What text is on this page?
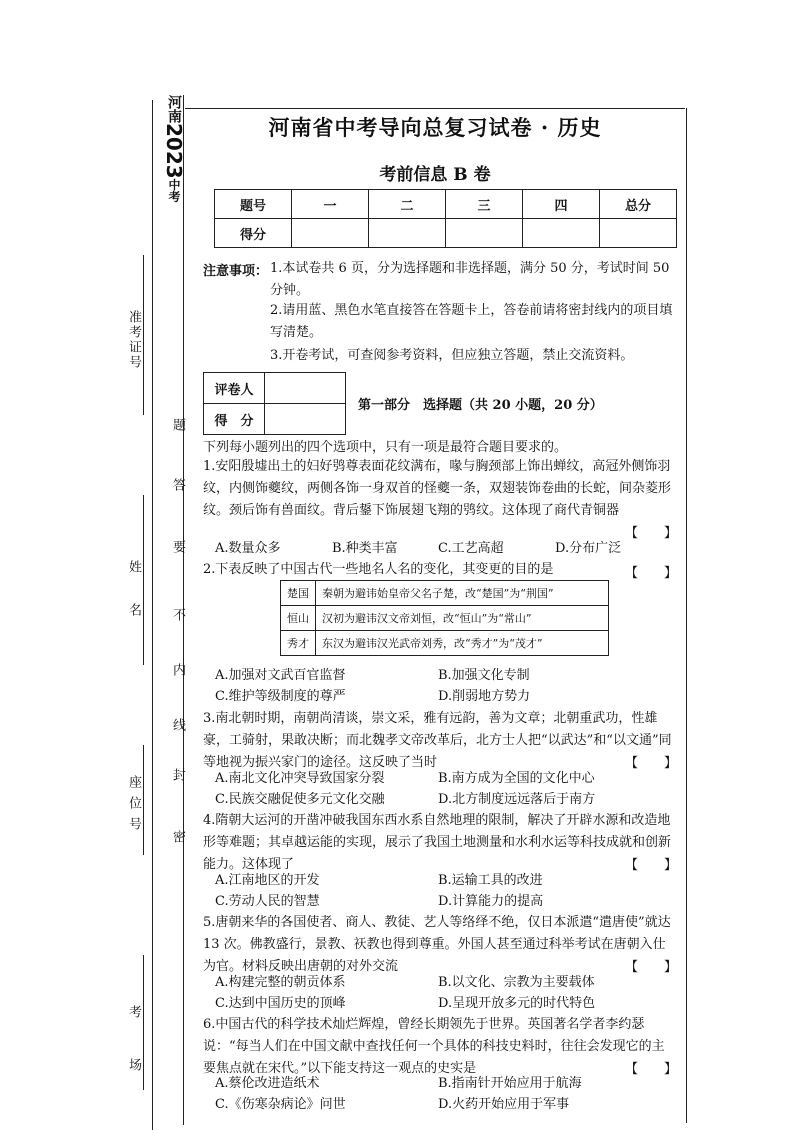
河南2023中考
准考证号
姓名
座位号
考场
密
封
线
内
不
要
答
题
河南省中考导向总复习试卷 · 历史
考前信息 B 卷
题号	一	二	三	四	总分
得分					
注意事项： 1.本试卷共 6 页，分为选择题和非选择题，满分 50 分，考试时间 50 分钟。
2.请用蓝、黑色水笔直接答在答题卡上，答卷前请将密封线内的项目填写清楚。
3.开卷考试，可查阅参考资料，但应独立答题，禁止交流资料。
评卷人	
得　分	
第一部分　选择题（共 20 小题，20 分）
下列每小题列出的四个选项中，只有一项是最符合题目要求的。
1.安阳殷墟出土的妇好鸮尊表面花纹满布，喙与胸颈部上饰出蝉纹，高冠外侧饰羽纹，内侧饰夔纹，两侧各饰一身双首的怪夔一条，双翅装饰卷曲的长蛇，间杂菱形纹。颈后饰有兽面纹。背后鋬下饰展翅飞翔的鸮纹。这体现了商代青铜器
【　　】
A.数量众多	B.种类丰富	C.工艺高超	D.分布广泛
2.下表反映了中国古代一些地名人名的变化，其变更的目的是	【　　】
楚国	秦朝为避讳始皇帝父名子楚，改“楚国”为“荆国”
恒山	汉初为避讳汉文帝刘恒，改“恒山”为“常山”
秀才	东汉为避讳汉光武帝刘秀，改“秀才”为“茂才”
A.加强对文武百官监督	B.加强文化专制
C.维护等级制度的尊严	D.削弱地方势力
3.南北朝时期，南朝尚清谈，崇文采，雅有远韵，善为文章；北朝重武功，性雄豪，工骑射，果敢决断；而北魏孝文帝改革后，北方士人把“以武达”和“以文通”同等地视为振兴家门的途径。这反映了当时	【　　】
A.南北文化冲突导致国家分裂	B.南方成为全国的文化中心
C.民族交融促使多元文化交融	D.北方制度远远落后于南方
4.隋朝大运河的开凿冲破我国东西水系自然地理的限制，解决了开辟水源和改造地形等难题；其卓越运能的实现，展示了我国土地测量和水利水运等科技成就和创新能力。这体现了	【　　】
A.江南地区的开发	B.运输工具的改进
C.劳动人民的智慧	D.计算能力的提高
5.唐朝来华的各国使者、商人、教徒、艺人等络绎不绝，仅日本派遣“遣唐使”就达 13 次。佛教盛行，景教、祆教也得到尊重。外国人甚至通过科举考试在唐朝入仕为官。材料反映出唐朝的对外交流	【　　】
A.构建完整的朝贡体系	B.以文化、宗教为主要载体
C.达到中国历史的顶峰	D.呈现开放多元的时代特色
6.中国古代的科学技术灿烂辉煌，曾经长期领先于世界。英国著名学者李约瑟说：“每当人们在中国文献中查找任何一个具体的科技史料时，往往会发现它的主要焦点就在宋代。”以下能支持这一观点的史实是	【　　】
A.蔡伦改进造纸术	B.指南针开始应用于航海
C.《伤寒杂病论》问世	D.火药开始应用于军事
